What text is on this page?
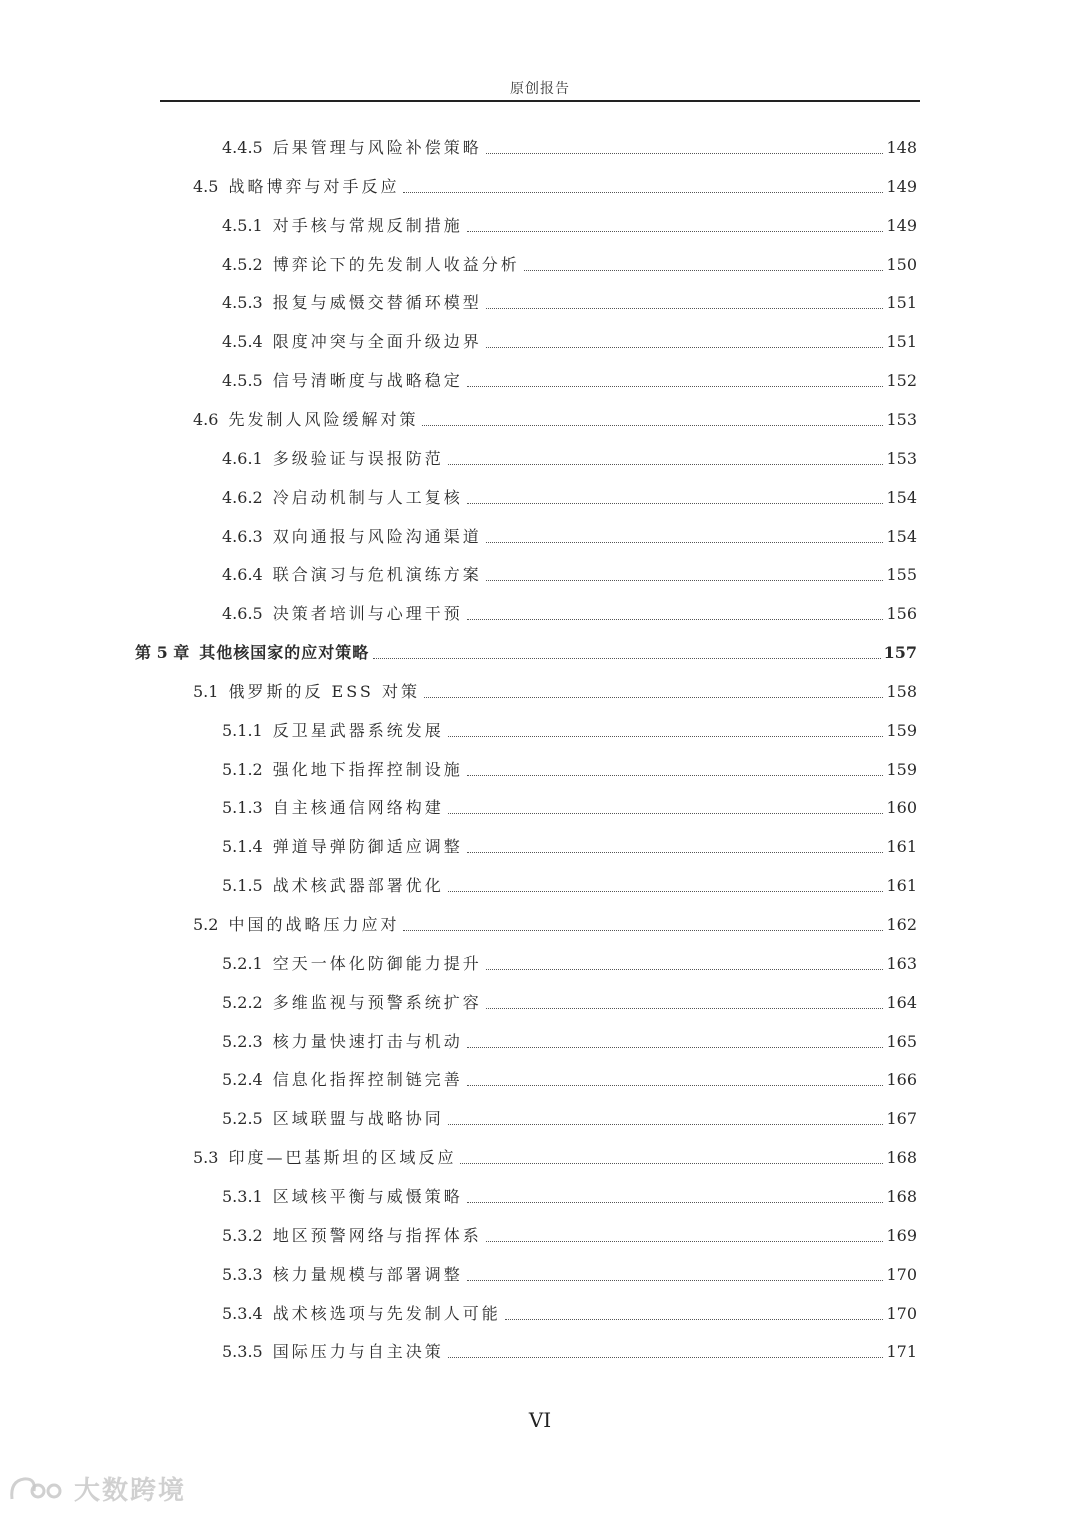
原创报告
4.4.5 后果管理与风险补偿策略	148
4.5 战略博弈与对手反应	149
4.5.1 对手核与常规反制措施	149
4.5.2 博弈论下的先发制人收益分析	150
4.5.3 报复与威慑交替循环模型	151
4.5.4 限度冲突与全面升级边界	151
4.5.5 信号清晰度与战略稳定	152
4.6 先发制人风险缓解对策	153
4.6.1 多级验证与误报防范	153
4.6.2 冷启动机制与人工复核	154
4.6.3 双向通报与风险沟通渠道	154
4.6.4 联合演习与危机演练方案	155
4.6.5 决策者培训与心理干预	156
第 5 章 其他核国家的应对策略	157
5.1 俄罗斯的反 ESS 对策	158
5.1.1 反卫星武器系统发展	159
5.1.2 强化地下指挥控制设施	159
5.1.3 自主核通信网络构建	160
5.1.4 弹道导弹防御适应调整	161
5.1.5 战术核武器部署优化	161
5.2 中国的战略压力应对	162
5.2.1 空天一体化防御能力提升	163
5.2.2 多维监视与预警系统扩容	164
5.2.3 核力量快速打击与机动	165
5.2.4 信息化指挥控制链完善	166
5.2.5 区域联盟与战略协同	167
5.3 印度—巴基斯坦的区域反应	168
5.3.1 区域核平衡与威慑策略	168
5.3.2 地区预警网络与指挥体系	169
5.3.3 核力量规模与部署调整	170
5.3.4 战术核选项与先发制人可能	170
5.3.5 国际压力与自主决策	171
VI
大数跨境
